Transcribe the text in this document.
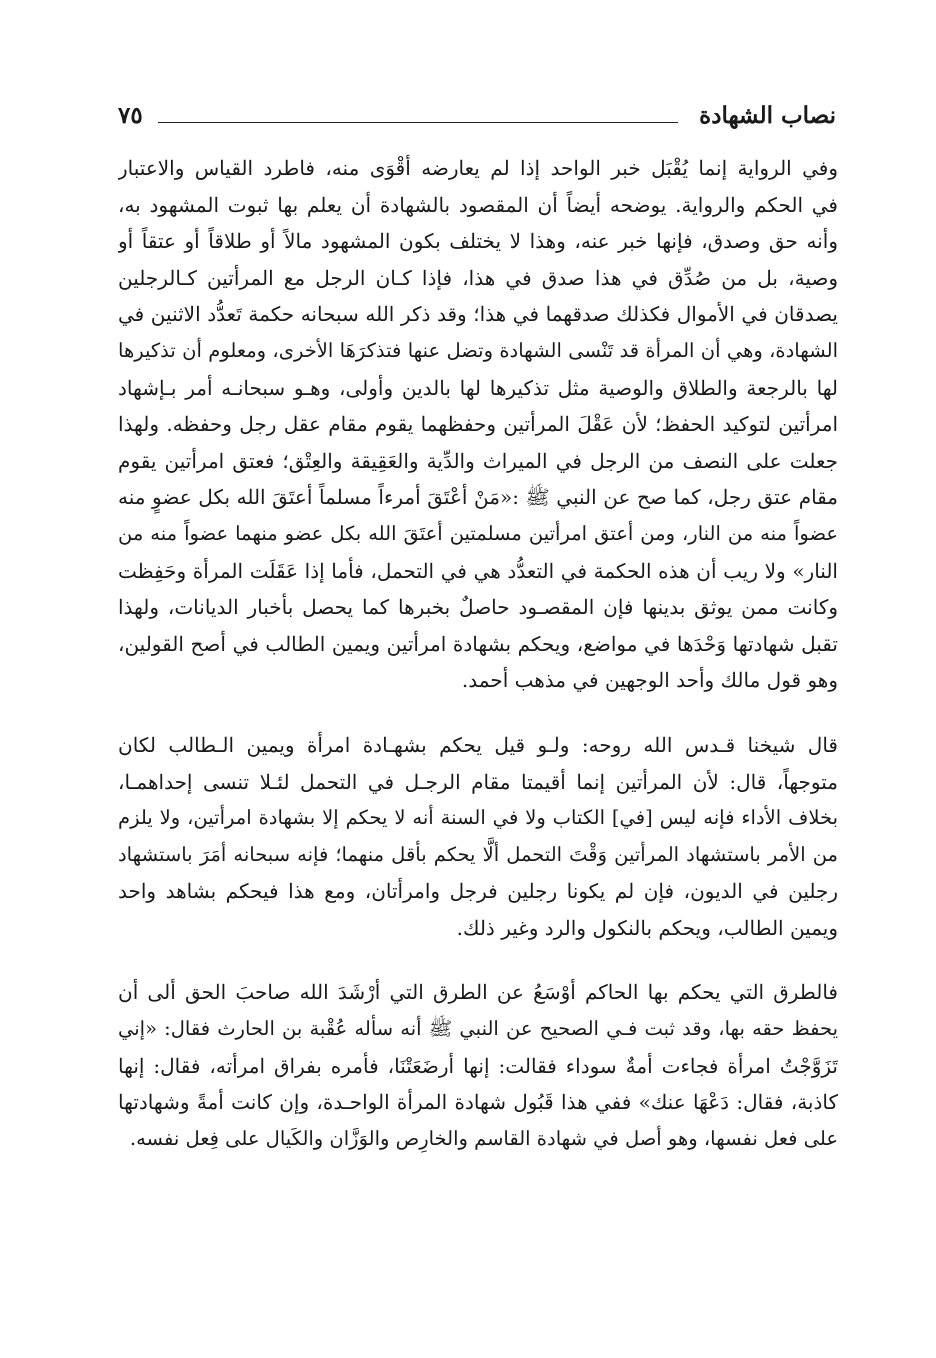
نصاب الشهادة
٧٥

وفي الرواية إنما يُقْبَل خبر الواحد إذا لم يعارضه أقْوَى منه، فاطرد القياس والاعتبار
في الحكم والرواية. يوضحه أيضاً أن المقصود بالشهادة أن يعلم بها ثبوت المشهود به،
وأنه حق وصدق، فإنها خبر عنه، وهذا لا يختلف بكون المشهود مالاً أو طلاقاً أو عتقاً أو
وصية، بل من صُدِّق في هذا صدق في هذا، فإذا كـان الرجل مع المرأتين كـالرجلين
يصدقان في الأموال فكذلك صدقهما في هذا؛ وقد ذكر الله سبحانه حكمة تَعدُّد الاثنين في
الشهادة، وهي أن المرأة قد تَنْسى الشهادة وتضل عنها فتذكرَهَا الأخرى، ومعلوم أن تذكيرها
لها بالرجعة والطلاق والوصية مثل تذكيرها لها بالدين وأولى، وهـو سبحانـه أمر بـإشهاد
امرأتين لتوكيد الحفظ؛ لأن عَقْلَ المرأتين وحفظهما يقوم مقام عقل رجل وحفظه. ولهذا
جعلت على النصف من الرجل في الميراث والدِّية والعَقِيقة والعِتْق؛ فعتق امرأتين يقوم
مقام عتق رجل، كما صح عن النبي ﷺ :«مَنْ أعْتَقَ أمرءاً مسلماً أعتَقَ الله بكل عضوٍ منه
عضواً منه من النار، ومن أعتق امرأتين مسلمتين أعتَقَ الله بكل عضو منهما عضواً منه من
النار» ولا ريب أن هذه الحكمة في التعدُّد هي في التحمل، فأما إذا عَقَلَت المرأة وحَفِظت
وكانت ممن يوثق بدينها فإن المقصـود حاصلٌ بخبرها كما يحصل بأخبار الديانات، ولهذا
تقبل شهادتها وَحْدَها في مواضع، ويحكم بشهادة امرأتين ويمين الطالب في أصح القولين،
وهو قول مالك وأحد الوجهين في مذهب أحمد.

قال شيخنا قـدس الله روحه: ولـو قيل يحكم بشهـادة امرأة ويمين الـطالب لكان
متوجهاً، قال: لأن المرأتين إنما أقيمتا مقام الرجـل في التحمل لئـلا تنسى إحداهمـا،
بخلاف الأداء فإنه ليس [في] الكتاب ولا في السنة أنه لا يحكم إلا بشهادة امرأتين، ولا يلزم
من الأمر باستشهاد المرأتين وَقْتَ التحمل ألَّا يحكم بأقل منهما؛ فإنه سبحانه أمَرَ باستشهاد
رجلين في الديون، فإن لم يكونا رجلين فرجل وامرأتان، ومع هذا فيحكم بشاهد واحد
ويمين الطالب، ويحكم بالنكول والرد وغير ذلك.

فالطرق التي يحكم بها الحاكم أوْسَعُ عن الطرق التي أرْشَدَ الله صاحبَ الحق ألى أن
يحفظ حقه بها، وقد ثبت فـي الصحيح عن النبي ﷺ أنه سأله عُقْبة بن الحارث فقال: «إني
تَزَوَّجْتُ امرأة فجاءت أمةٌ سوداء فقالت: إنها أرضَعَتْنَا، فأمره بفراق امرأته، فقال: إنها
كاذبة، فقال: دَعْهَا عنك» ففي هذا قَبُول شهادة المرأة الواحـدة، وإن كانت أمةً وشهادتها
على فعل نفسها، وهو أصل في شهادة القاسم والخارِص والوَزَّان والكَيال على فِعل نفسه.
